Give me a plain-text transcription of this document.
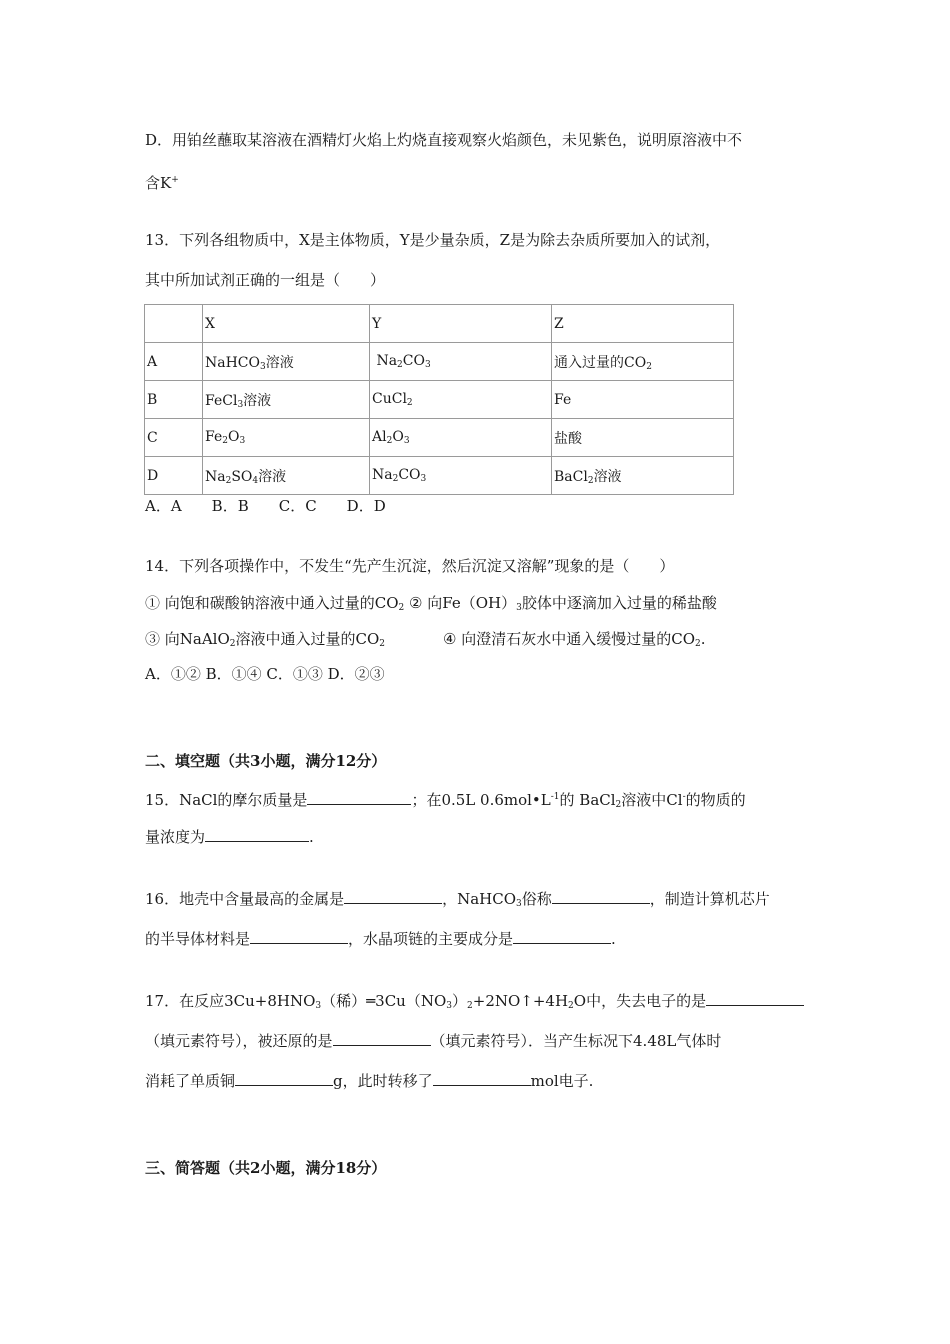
D．用铂丝蘸取某溶液在酒精灯火焰上灼烧直接观察火焰颜色，未见紫色，说明原溶液中不
含K+
13．下列各组物质中，X是主体物质，Y是少量杂质，Z是为除去杂质所要加入的试剂，
其中所加试剂正确的一组是（　　）
	X	Y	Z
A	NaHCO$_3$溶液	$Na_2CO_3$	通入过量的$CO_2$
B	FeCl$_3$溶液	CuCl$_2$	Fe
C	$Fe_2O_3$	$Al_2O_3$	盐酸
D	$Na_2SO_4$溶液	$Na_2CO_3$	BaCl$_2$溶液
A．A　　B．B　　C．C　　D．D
14．下列各项操作中，不发生“先产生沉淀，然后沉淀又溶解”现象的是（　　）
① 向饱和碳酸钠溶液中通入过量的$CO_2$ ② 向$Fe(OH)_3$胶体中逐滴加入过量的稀盐酸
③ 向NaAlO$_2$溶液中通入过量的$CO_2$	④ 向澄清石灰水中通入缓慢过量的$CO_2$.
A．①② B．①④ C．①③ D．②③
二、填空题（共3小题，满分12分）
15．NaCl的摩尔质量是	；在0.5L $0.6mol•L^{-1}$的 BaCl$_2$溶液中Cl-的物质的
量浓度为	.
16．地壳中含量最高的金属是	，NaHCO$_3$俗称	，制造计算机芯片
的半导体材料是	，水晶项链的主要成分是	.
17．在反应$3Cu+8HNO_3$（稀）$═3Cu(NO_3)_2+2NO↑+4H_2O$中，失去电子的是
（填元素符号），被还原的是	（填元素符号）．当产生标况下4.48L气体时
消耗了单质铜	g，此时转移了	mol电子.
三、简答题（共2小题，满分18分）
